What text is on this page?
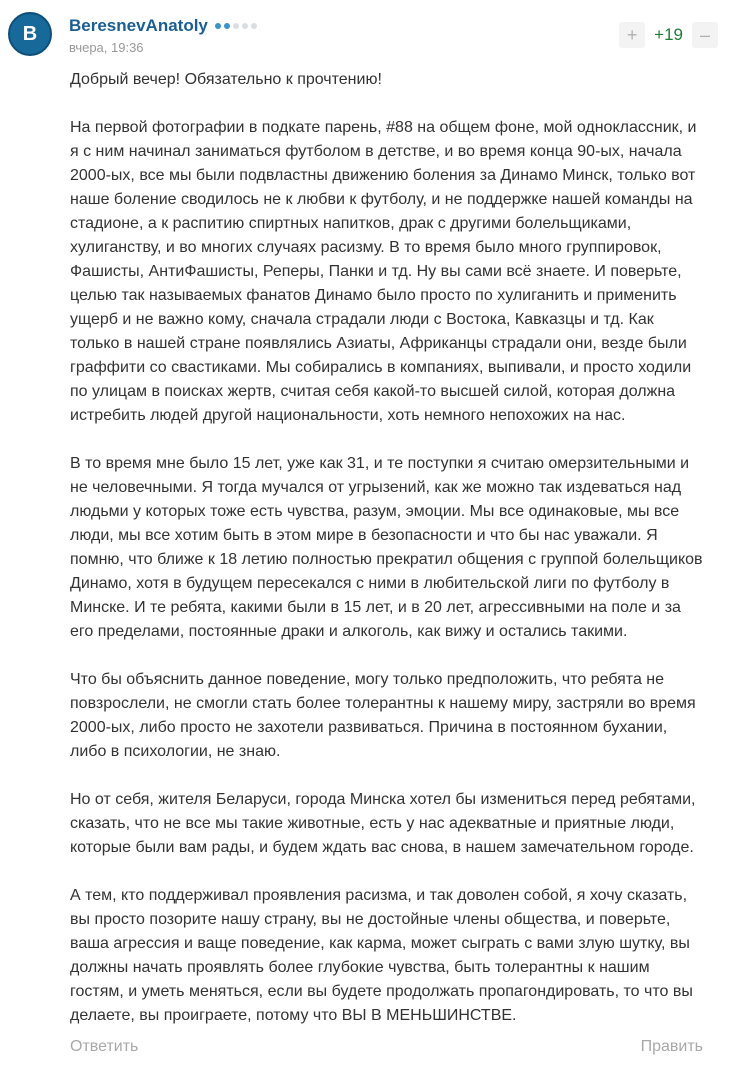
B BeresnevAnatoly
вчера, 19:36
+ +19 –

Добрый вечер! Обязательно к прочтению!

На первой фотографии в подкате парень, #88 на общем фоне, мой одноклассник, и я с ним начинал заниматься футболом в детстве, и во время конца 90-ых, начала 2000-ых, все мы были подвластны движению боления за Динамо Минск, только вот наше боление сводилось не к любви к футболу, и не поддержке нашей команды на стадионе, а к распитию спиртных напитков, драк с другими болельщиками, хулиганству, и во многих случаях расизму. В то время было много группировок, Фашисты, АнтиФашисты, Реперы, Панки и тд. Ну вы сами всё знаете. И поверьте, целью так называемых фанатов Динамо было просто по хулиганить и применить ущерб и не важно кому, сначала страдали люди с Востока, Кавказцы и тд. Как только в нашей стране появлялись Азиаты, Африканцы страдали они, везде были граффити со свастиками. Мы собирались в компаниях, выпивали, и просто ходили по улицам в поисках жертв, считая себя какой-то высшей силой, которая должна истребить людей другой национальности, хоть немного непохожих на нас.

В то время мне было 15 лет, уже как 31, и те поступки я считаю омерзительными и не человечными. Я тогда мучался от угрызений, как же можно так издеваться над людьми у которых тоже есть чувства, разум, эмоции. Мы все одинаковые, мы все люди, мы все хотим быть в этом мире в безопасности и что бы нас уважали. Я помню, что ближе к 18 летию полностью прекратил общения с группой болельщиков Динамо, хотя в будущем пересекался с ними в любительской лиги по футболу в Минске. И те ребята, какими были в 15 лет, и в 20 лет, агрессивными на поле и за его пределами, постоянные драки и алкоголь, как вижу и остались такими.

Что бы объяснить данное поведение, могу только предположить, что ребята не повзрослели, не смогли стать более толерантны к нашему миру, застряли во время 2000-ых, либо просто не захотели развиваться. Причина в постоянном бухании, либо в психологии, не знаю.

Но от себя, жителя Беларуси, города Минска хотел бы измениться перед ребятами, сказать, что не все мы такие животные, есть у нас адекватные и приятные люди, которые были вам рады, и будем ждать вас снова, в нашем замечательном городе.

А тем, кто поддерживал проявления расизма, и так доволен собой, я хочу сказать, вы просто позорите нашу страну, вы не достойные члены общества, и поверьте, ваша агрессия и ваще поведение, как карма, может сыграть с вами злую шутку, вы должны начать проявлять более глубокие чувства, быть толерантны к нашим гостям, и уметь меняться, если вы будете продолжать пропагондировать, то что вы делаете, вы проиграете, потому что ВЫ В МЕНЬШИНСТВЕ.

Ответить	Править
